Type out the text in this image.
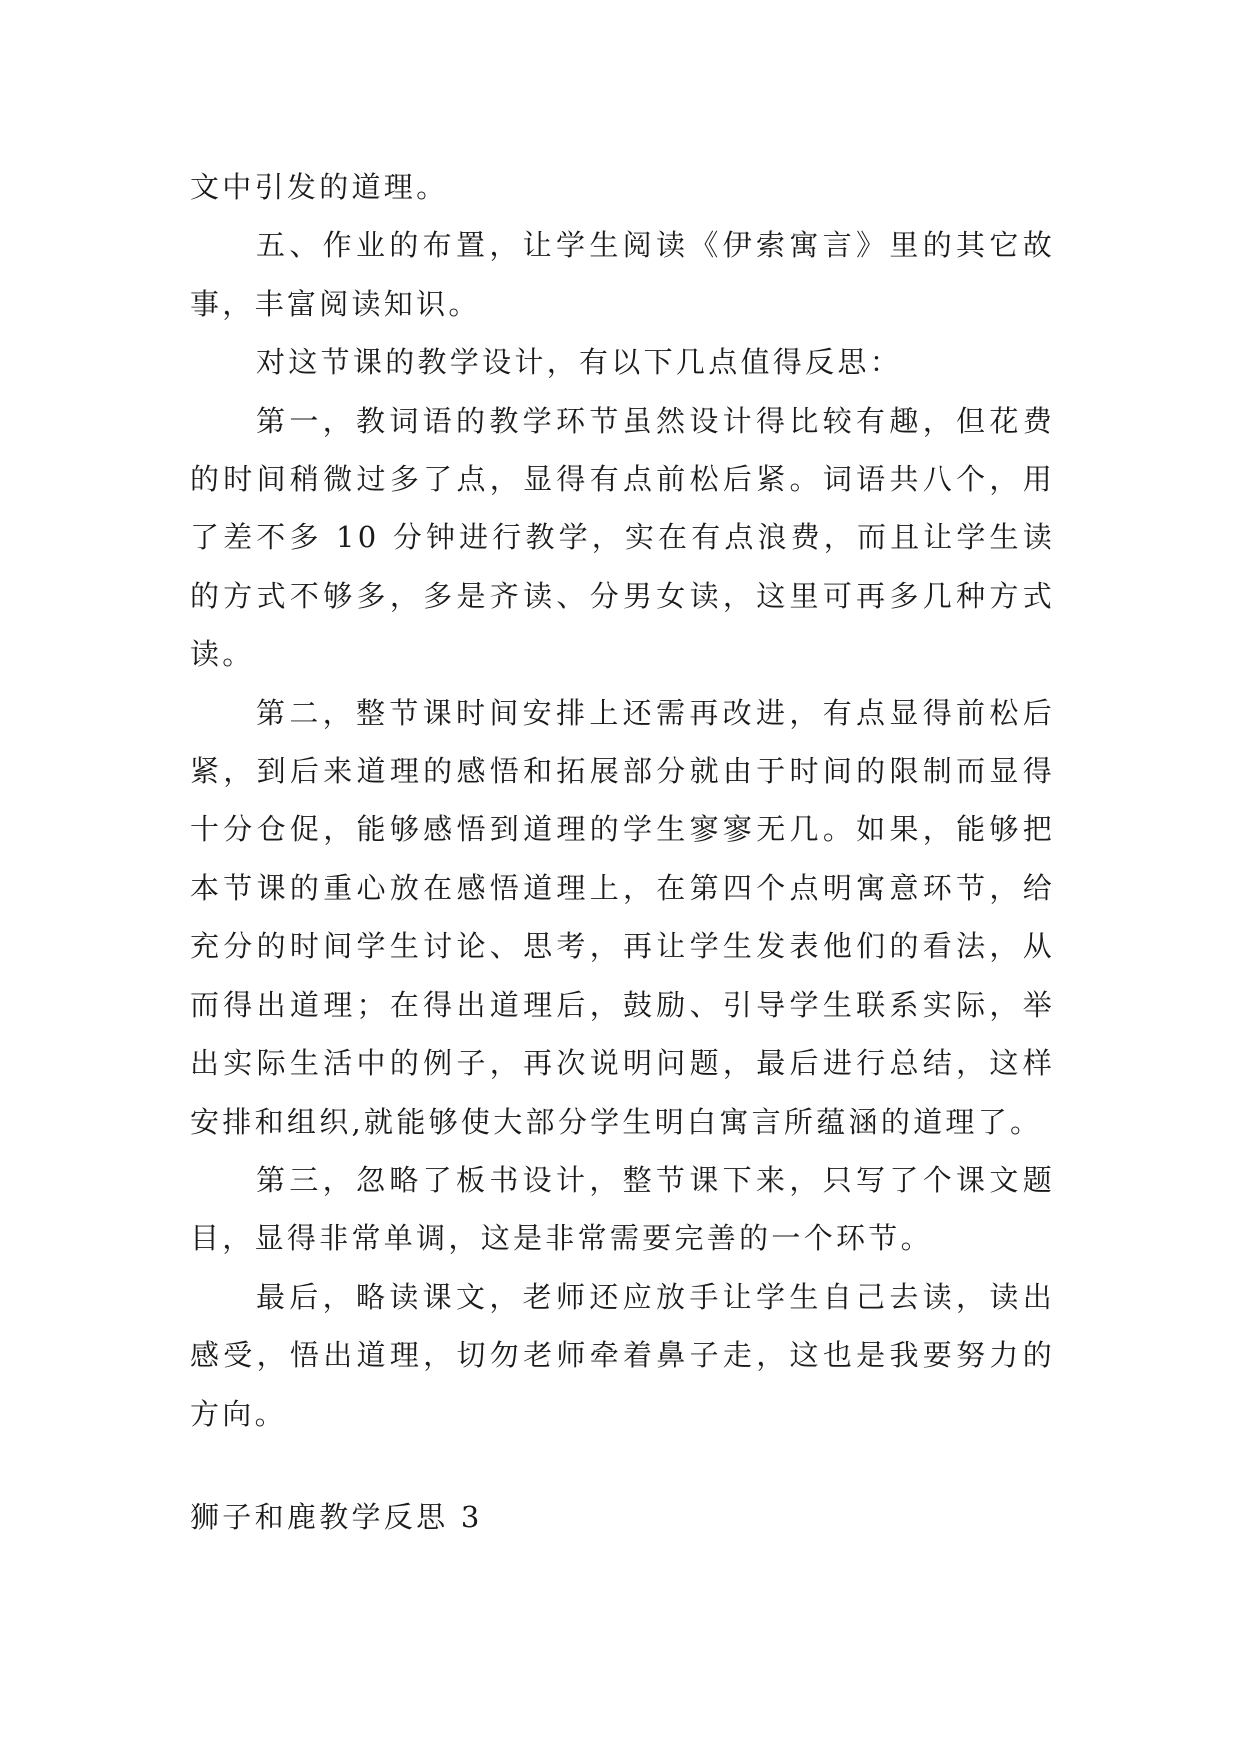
文中引发的道理。

五、作业的布置，让学生阅读《伊索寓言》里的其它故事，丰富阅读知识。

对这节课的教学设计，有以下几点值得反思：

第一，教词语的教学环节虽然设计得比较有趣，但花费的时间稍微过多了点，显得有点前松后紧。词语共八个，用了差不多 10 分钟进行教学，实在有点浪费，而且让学生读的方式不够多，多是齐读、分男女读，这里可再多几种方式读。

第二，整节课时间安排上还需再改进，有点显得前松后紧，到后来道理的感悟和拓展部分就由于时间的限制而显得十分仓促，能够感悟到道理的学生寥寥无几。如果，能够把本节课的重心放在感悟道理上，在第四个点明寓意环节，给充分的时间学生讨论、思考，再让学生发表他们的看法，从而得出道理；在得出道理后，鼓励、引导学生联系实际，举出实际生活中的例子，再次说明问题，最后进行总结，这样安排和组织,就能够使大部分学生明白寓言所蕴涵的道理了。

第三，忽略了板书设计，整节课下来，只写了个课文题目，显得非常单调，这是非常需要完善的一个环节。

最后，略读课文，老师还应放手让学生自己去读，读出感受，悟出道理，切勿老师牵着鼻子走，这也是我要努力的方向。

狮子和鹿教学反思 3
